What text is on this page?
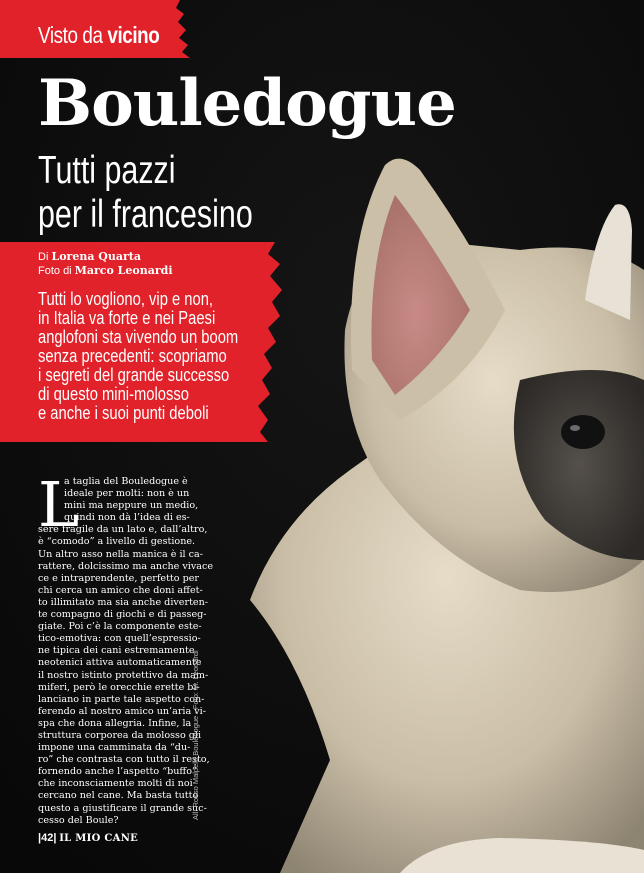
Visto da vicino
Bouledogue
Tutti pazzi
per il francesino
Di Lorena Quarta
Foto di Marco Leonardi
Tutti lo vogliono, vip e non,
in Italia va forte e nei Paesi
anglofoni sta vivendo un boom
senza precedenti: scopriamo
i segreti del grande successo
di questo mini-molosso
e anche i suoi punti deboli
L
a taglia del Bouledogue è
ideale per molti: non è un
mini ma neppure un medio,
quindi non dà l’idea di es-
sere fragile da un lato e, dall’altro,
è “comodo” a livello di gestione.
Un altro asso nella manica è il ca-
rattere, dolcissimo ma anche vivace
ce e intraprendente, perfetto per
chi cerca un amico che doni affet-
to illimitato ma sia anche diverten-
te compagno di giochi e di passeg-
giate. Poi c’è la componente este-
tico-emotiva: con quell’espressio-
ne tipica dei cani estremamente
neotenici attiva automaticamente
il nostro istinto protettivo da mam-
miferi, però le orecchie erette bi-
lanciano in parte tale aspetto con-
ferendo al nostro amico un’aria vi-
spa che dona allegria. Infine, la
struttura corporea da molosso gli
impone una camminata da “du-
ro” che contrasta con tutto il resto,
fornendo anche l’aspetto “buffo”
che inconsciamente molti di noi
cercano nel cane. Ma basta tutto
questo a giustificare il grande suc-
cesso del Boule?
All. Rosso Malpelo Bouledogue - Foto: M. Leonardi
|42| IL MIO CANE
